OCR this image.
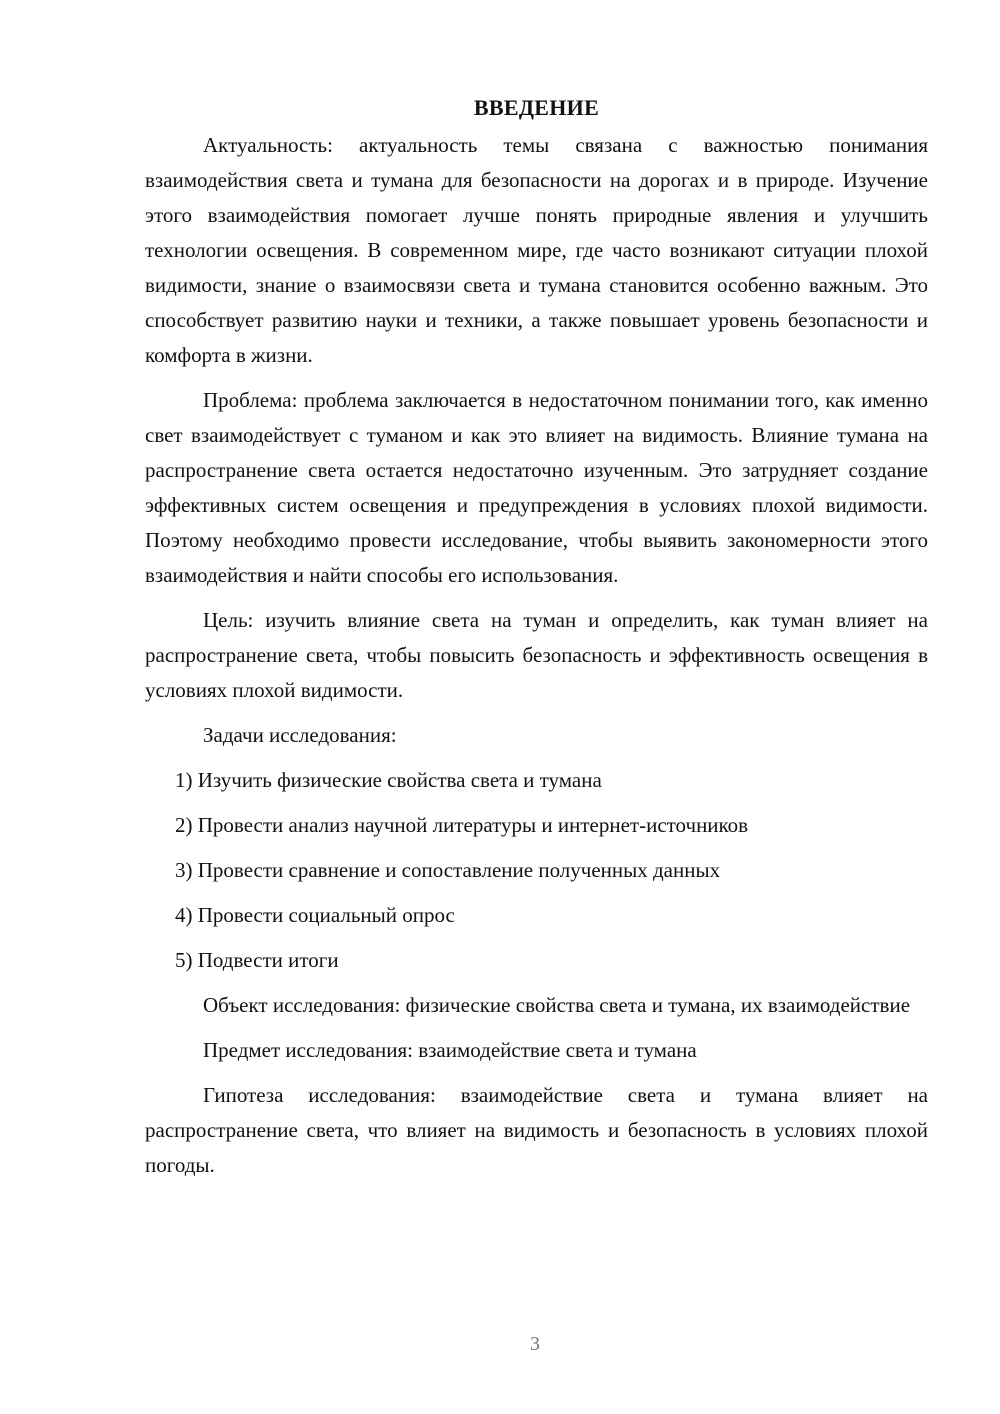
ВВЕДЕНИЕ

Актуальность: актуальность темы связана с важностью понимания взаимодействия света и тумана для безопасности на дорогах и в природе. Изучение этого взаимодействия помогает лучше понять природные явления и улучшить технологии освещения. В современном мире, где часто возникают ситуации плохой видимости, знание о взаимосвязи света и тумана становится особенно важным. Это способствует развитию науки и техники, а также повышает уровень безопасности и комфорта в жизни.

Проблема: проблема заключается в недостаточном понимании того, как именно свет взаимодействует с туманом и как это влияет на видимость. Влияние тумана на распространение света остается недостаточно изученным. Это затрудняет создание эффективных систем освещения и предупреждения в условиях плохой видимости. Поэтому необходимо провести исследование, чтобы выявить закономерности этого взаимодействия и найти способы его использования.

Цель: изучить влияние света на туман и определить, как туман влияет на распространение света, чтобы повысить безопасность и эффективность освещения в условиях плохой видимости.

Задачи исследования:

1) Изучить физические свойства света и тумана
2) Провести анализ научной литературы и интернет-источников
3) Провести сравнение и сопоставление полученных данных
4) Провести социальный опрос
5) Подвести итоги

Объект исследования: физические свойства света и тумана, их взаимодействие

Предмет исследования: взаимодействие света и тумана

Гипотеза исследования: взаимодействие света и тумана влияет на распространение света, что влияет на видимость и безопасность в условиях плохой погоды.

3
